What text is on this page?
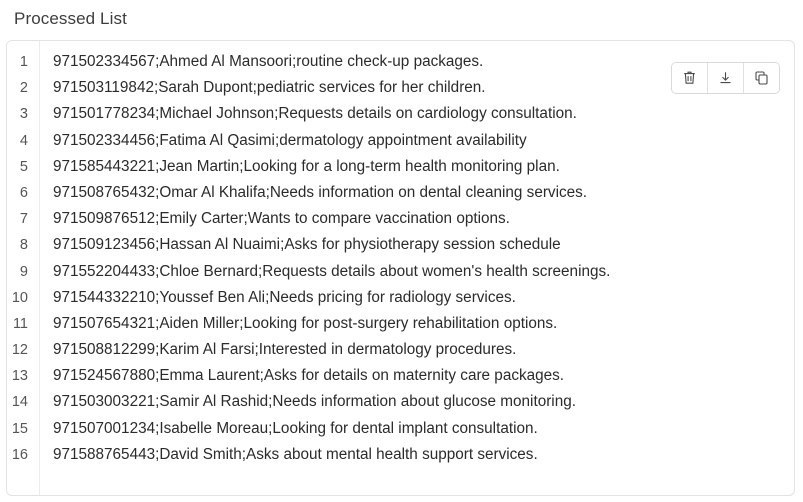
Processed List
1	971502334567;Ahmed Al Mansoori;routine check-up packages.
2	971503119842;Sarah Dupont;pediatric services for her children.
3	971501778234;Michael Johnson;Requests details on cardiology consultation.
4	971502334456;Fatima Al Qasimi;dermatology appointment availability
5	971585443221;Jean Martin;Looking for a long-term health monitoring plan.
6	971508765432;Omar Al Khalifa;Needs information on dental cleaning services.
7	971509876512;Emily Carter;Wants to compare vaccination options.
8	971509123456;Hassan Al Nuaimi;Asks for physiotherapy session schedule
9	971552204433;Chloe Bernard;Requests details about women's health screenings.
10	971544332210;Youssef Ben Ali;Needs pricing for radiology services.
11	971507654321;Aiden Miller;Looking for post-surgery rehabilitation options.
12	971508812299;Karim Al Farsi;Interested in dermatology procedures.
13	971524567880;Emma Laurent;Asks for details on maternity care packages.
14	971503003221;Samir Al Rashid;Needs information about glucose monitoring.
15	971507001234;Isabelle Moreau;Looking for dental implant consultation.
16	971588765443;David Smith;Asks about mental health support services.
